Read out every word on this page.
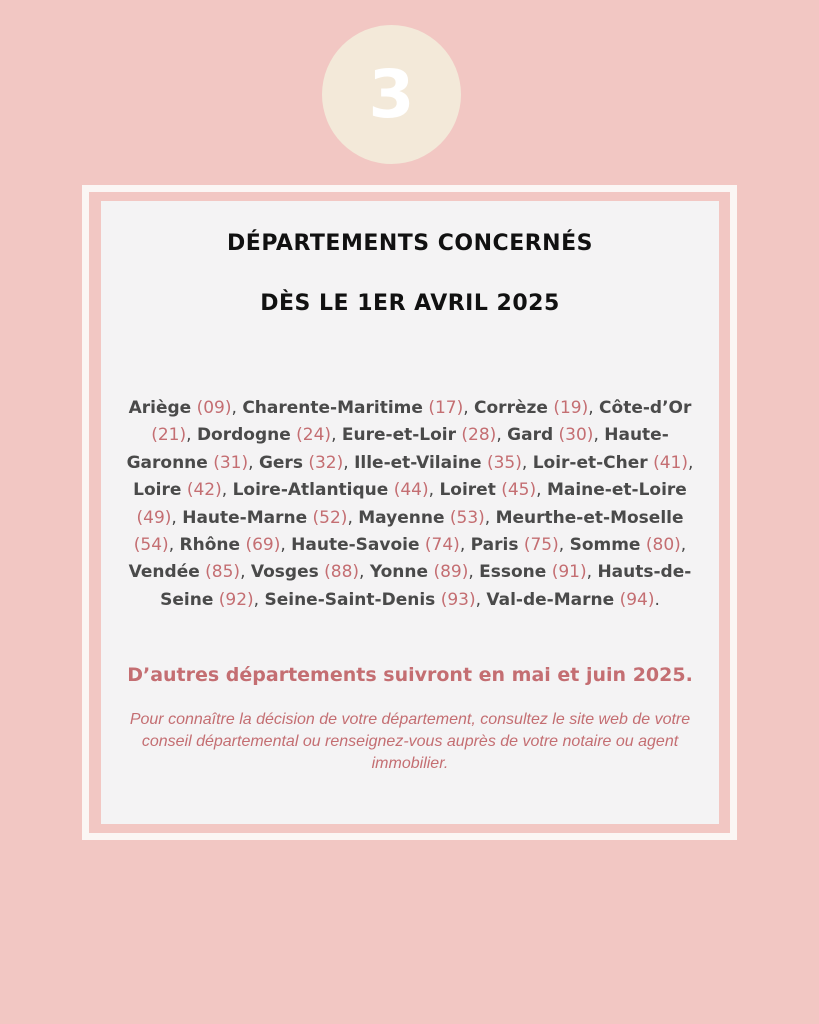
3
DÉPARTEMENTS CONCERNÉS
DÈS LE 1ER AVRIL 2025
Ariège (09), Charente-Maritime (17), Corrèze (19), Côte-d’Or (21), Dordogne (24), Eure-et-Loir (28), Gard (30), Haute-Garonne (31), Gers (32), Ille-et-Vilaine (35), Loir-et-Cher (41), Loire (42), Loire-Atlantique (44), Loiret (45), Maine-et-Loire (49), Haute-Marne (52), Mayenne (53), Meurthe-et-Moselle (54), Rhône (69), Haute-Savoie (74), Paris (75), Somme (80), Vendée (85), Vosges (88), Yonne (89), Essone (91), Hauts-de-Seine (92), Seine-Saint-Denis (93), Val-de-Marne (94).

D’autres départements suivront en mai et juin 2025.

Pour connaître la décision de votre département, consultez le site web de votre conseil départemental ou renseignez-vous auprès de votre notaire ou agent immobilier.
